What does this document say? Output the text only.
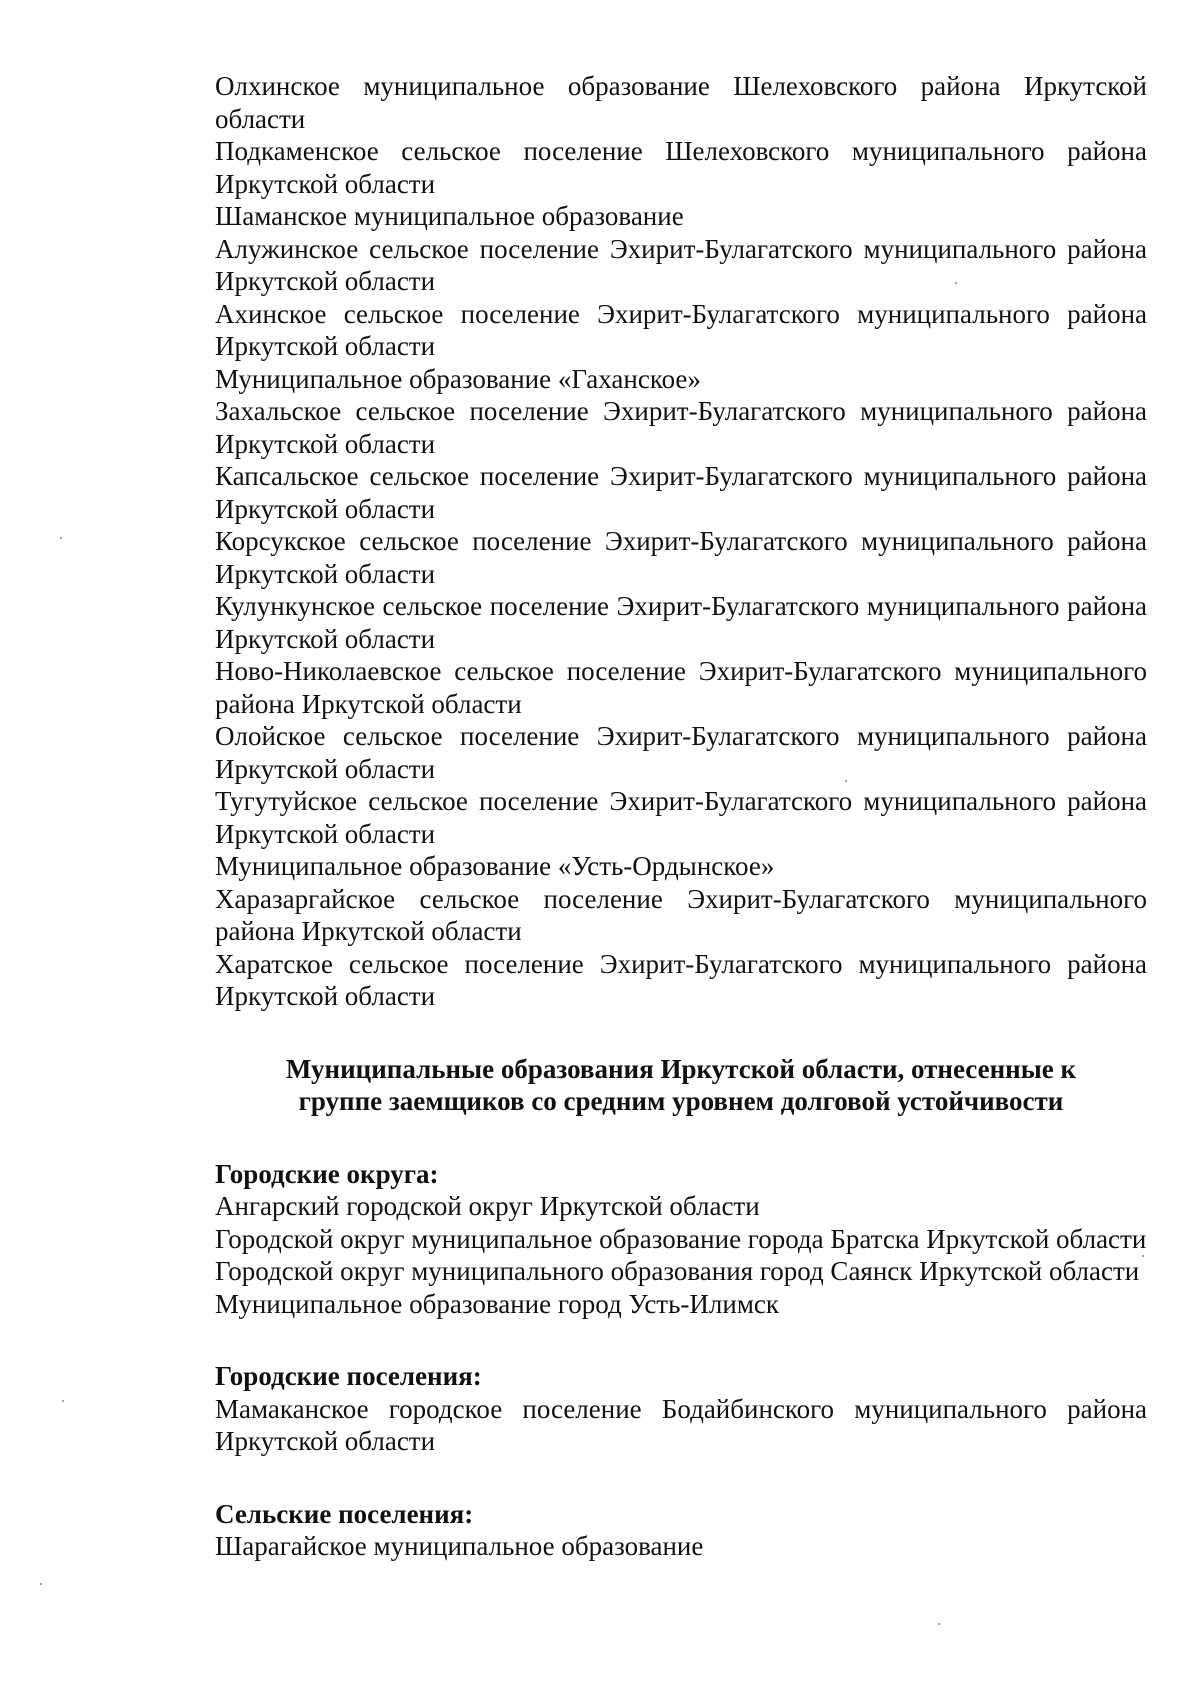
Олхинское муниципальное образование Шелеховского района Иркутской области

Подкаменское сельское поселение Шелеховского муниципального района Иркутской области

Шаманское муниципальное образование

Алужинское сельское поселение Эхирит-Булагатского муниципального района Иркутской области

Ахинское сельское поселение Эхирит-Булагатского муниципального района Иркутской области

Муниципальное образование «Гаханское»

Захальское сельское поселение Эхирит-Булагатского муниципального района Иркутской области

Капсальское сельское поселение Эхирит-Булагатского муниципального района Иркутской области

Корсукское сельское поселение Эхирит-Булагатского муниципального района Иркутской области

Кулункунское сельское поселение Эхирит-Булагатского муниципального района Иркутской области

Ново-Николаевское сельское поселение Эхирит-Булагатского муниципального района Иркутской области

Олойское сельское поселение Эхирит-Булагатского муниципального района Иркутской области

Тугутуйское сельское поселение Эхирит-Булагатского муниципального района Иркутской области

Муниципальное образование «Усть-Ордынское»

Харазаргайское сельское поселение Эхирит-Булагатского муниципального района Иркутской области

Харатское сельское поселение Эхирит-Булагатского муниципального района Иркутской области

Муниципальные образования Иркутской области, отнесенные к группе заемщиков со средним уровнем долговой устойчивости

Городские округа:

Ангарский городской округ Иркутской области

Городской округ муниципальное образование города Братска Иркутской области

Городской округ муниципального образования город Саянск Иркутской области

Муниципальное образование город Усть-Илимск

Городские поселения:

Мамаканское городское поселение Бодайбинского муниципального района Иркутской области

Сельские поселения:

Шарагайское муниципальное образование
